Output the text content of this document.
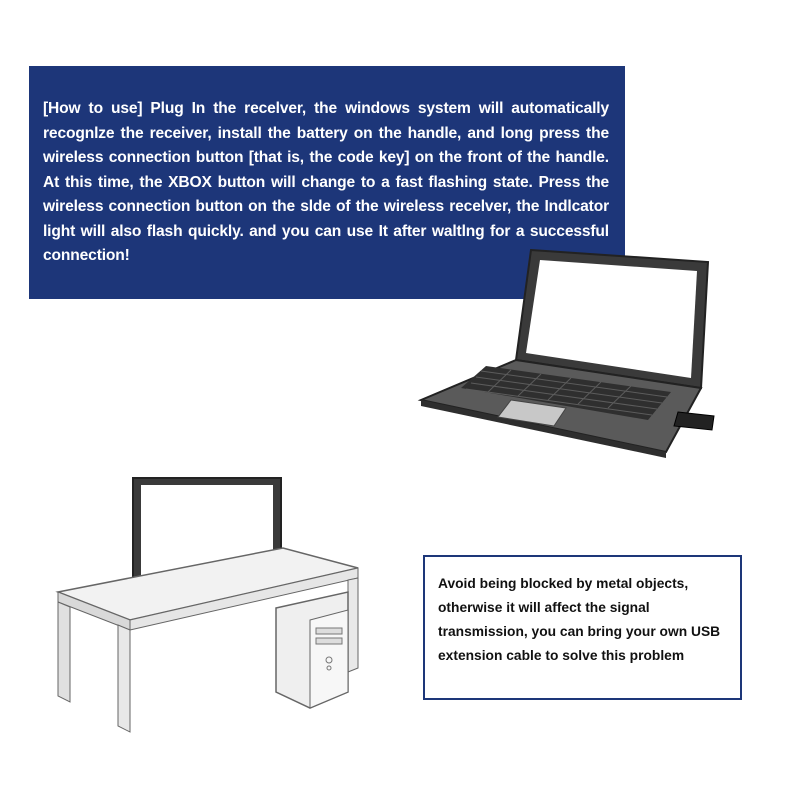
[How to use] Plug In the recelver, the windows system will automatically recognlze the receiver, install the battery on the handle, and long press the wireless connection button [that is, the code key] on the front of the handle. At this time, the XBOX button will change to a fast flashing state. Press the wireless connection button on the slde of the wireless recelver, the Indlcator light will also flash quickly. and you can use It after waltlng for a successful connection!

Avoid being blocked by metal objects, otherwise it will affect the signal transmission, you can bring your own USB extension cable to solve this problem
